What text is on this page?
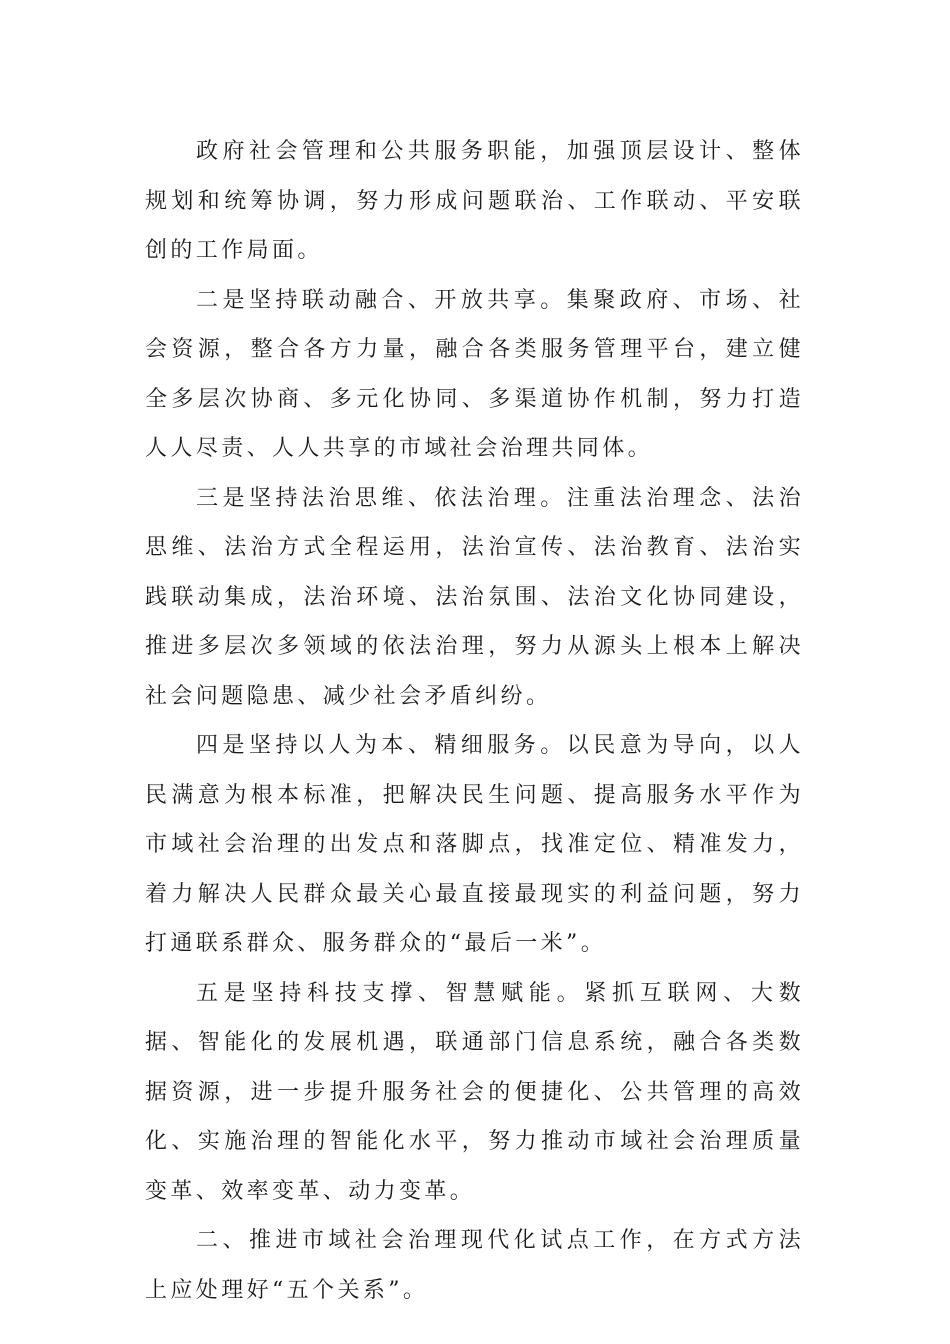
政府社会管理和公共服务职能，加强顶层设计、整体规划和统筹协调，努力形成问题联治、工作联动、平安联创的工作局面。

二是坚持联动融合、开放共享。集聚政府、市场、社会资源，整合各方力量，融合各类服务管理平台，建立健全多层次协商、多元化协同、多渠道协作机制，努力打造人人尽责、人人共享的市域社会治理共同体。

三是坚持法治思维、依法治理。注重法治理念、法治思维、法治方式全程运用，法治宣传、法治教育、法治实践联动集成，法治环境、法治氛围、法治文化协同建设，推进多层次多领域的依法治理，努力从源头上根本上解决社会问题隐患、减少社会矛盾纠纷。

四是坚持以人为本、精细服务。以民意为导向，以人民满意为根本标准，把解决民生问题、提高服务水平作为市域社会治理的出发点和落脚点，找准定位、精准发力，着力解决人民群众最关心最直接最现实的利益问题，努力打通联系群众、服务群众的“最后一米”。

五是坚持科技支撑、智慧赋能。紧抓互联网、大数据、智能化的发展机遇，联通部门信息系统，融合各类数据资源，进一步提升服务社会的便捷化、公共管理的高效化、实施治理的智能化水平，努力推动市域社会治理质量变革、效率变革、动力变革。

二、推进市域社会治理现代化试点工作，在方式方法上应处理好“五个关系”。
